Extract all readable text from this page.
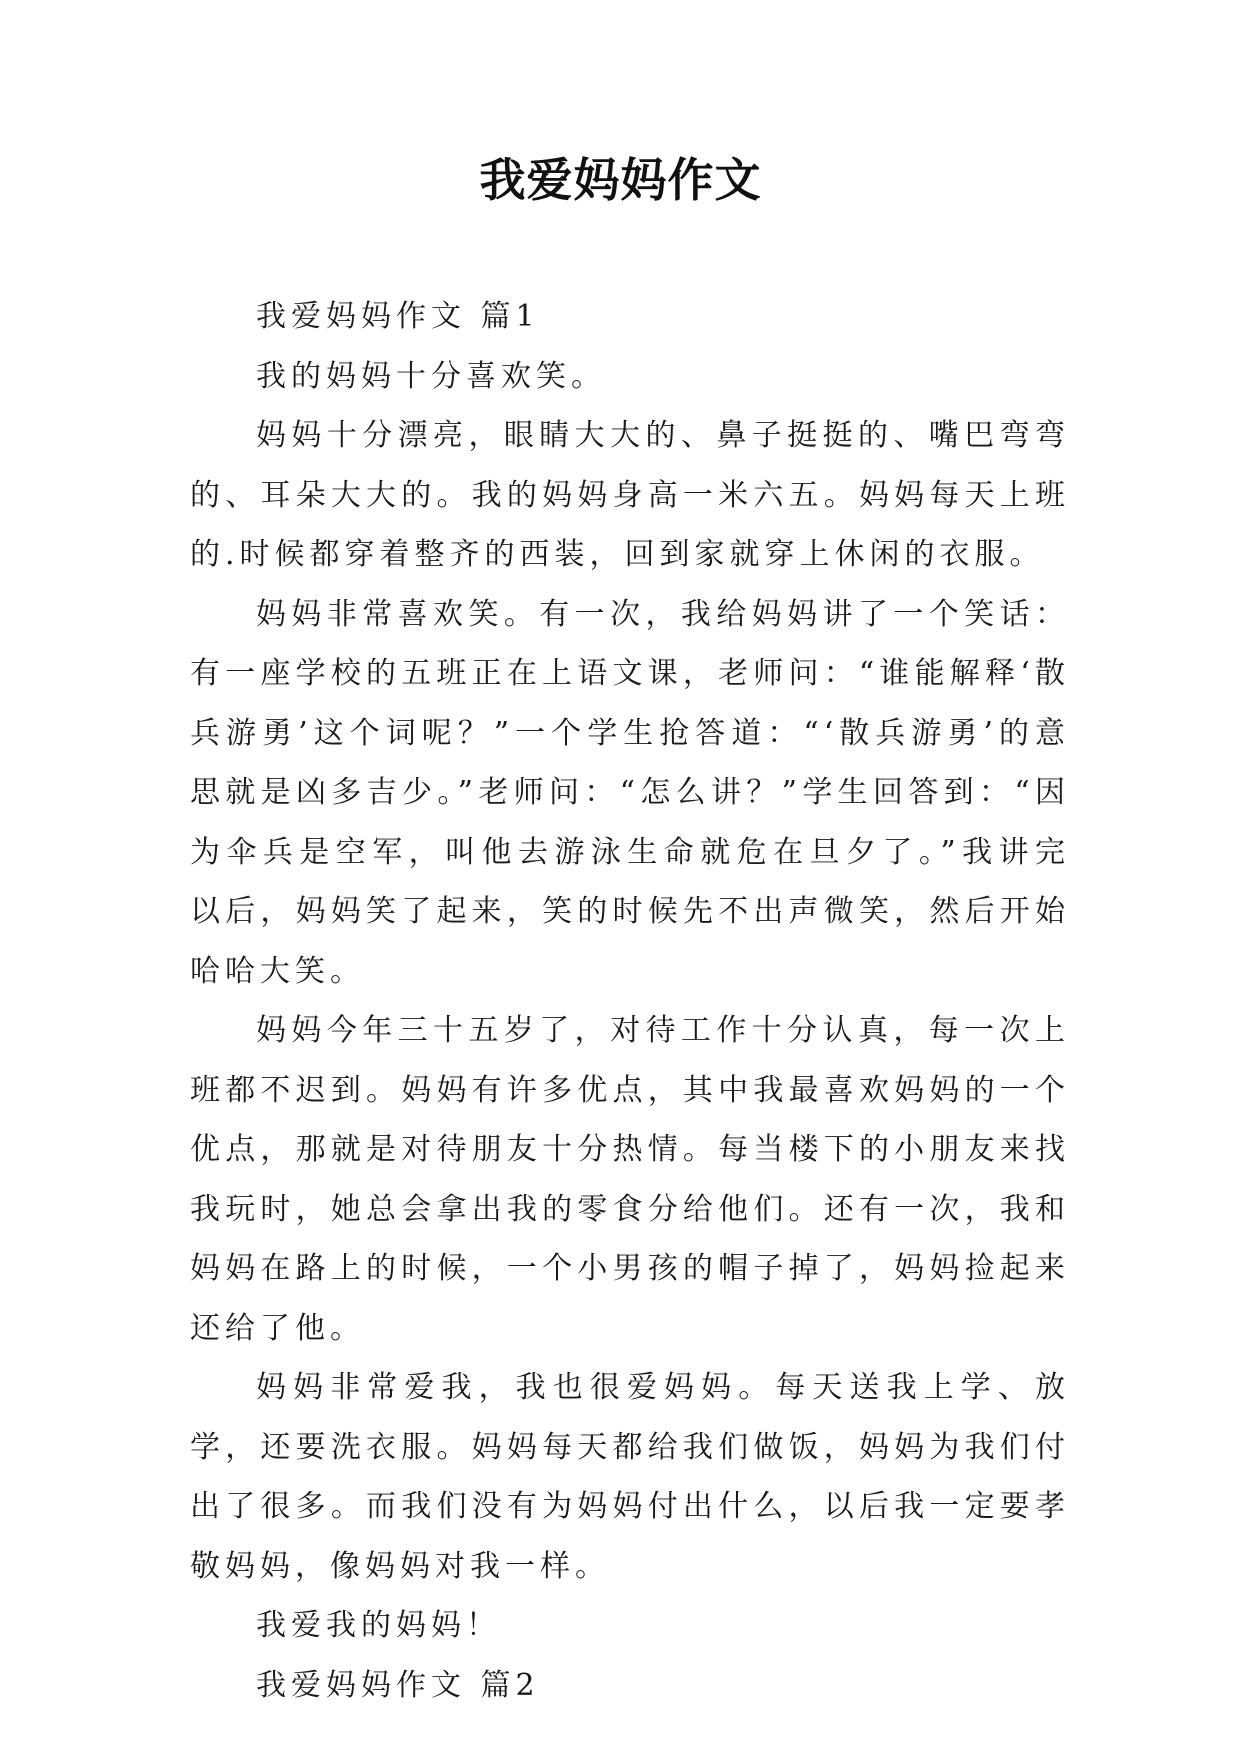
我爱妈妈作文

我爱妈妈作文 篇1

我的妈妈十分喜欢笑。

妈妈十分漂亮，眼睛大大的、鼻子挺挺的、嘴巴弯弯的、耳朵大大的。我的妈妈身高一米六五。妈妈每天上班的.时候都穿着整齐的西装，回到家就穿上休闲的衣服。

妈妈非常喜欢笑。有一次，我给妈妈讲了一个笑话：有一座学校的五班正在上语文课，老师问：“谁能解释‘散兵游勇’这个词呢？”一个学生抢答道：“‘散兵游勇’的意思就是凶多吉少。”老师问：“怎么讲？”学生回答到：“因为伞兵是空军，叫他去游泳生命就危在旦夕了。”我讲完以后，妈妈笑了起来，笑的时候先不出声微笑，然后开始哈哈大笑。

妈妈今年三十五岁了，对待工作十分认真，每一次上班都不迟到。妈妈有许多优点，其中我最喜欢妈妈的一个优点，那就是对待朋友十分热情。每当楼下的小朋友来找我玩时，她总会拿出我的零食分给他们。还有一次，我和妈妈在路上的时候，一个小男孩的帽子掉了，妈妈捡起来还给了他。

妈妈非常爱我，我也很爱妈妈。每天送我上学、放学，还要洗衣服。妈妈每天都给我们做饭，妈妈为我们付出了很多。而我们没有为妈妈付出什么，以后我一定要孝敬妈妈，像妈妈对我一样。

我爱我的妈妈！

我爱妈妈作文 篇2
